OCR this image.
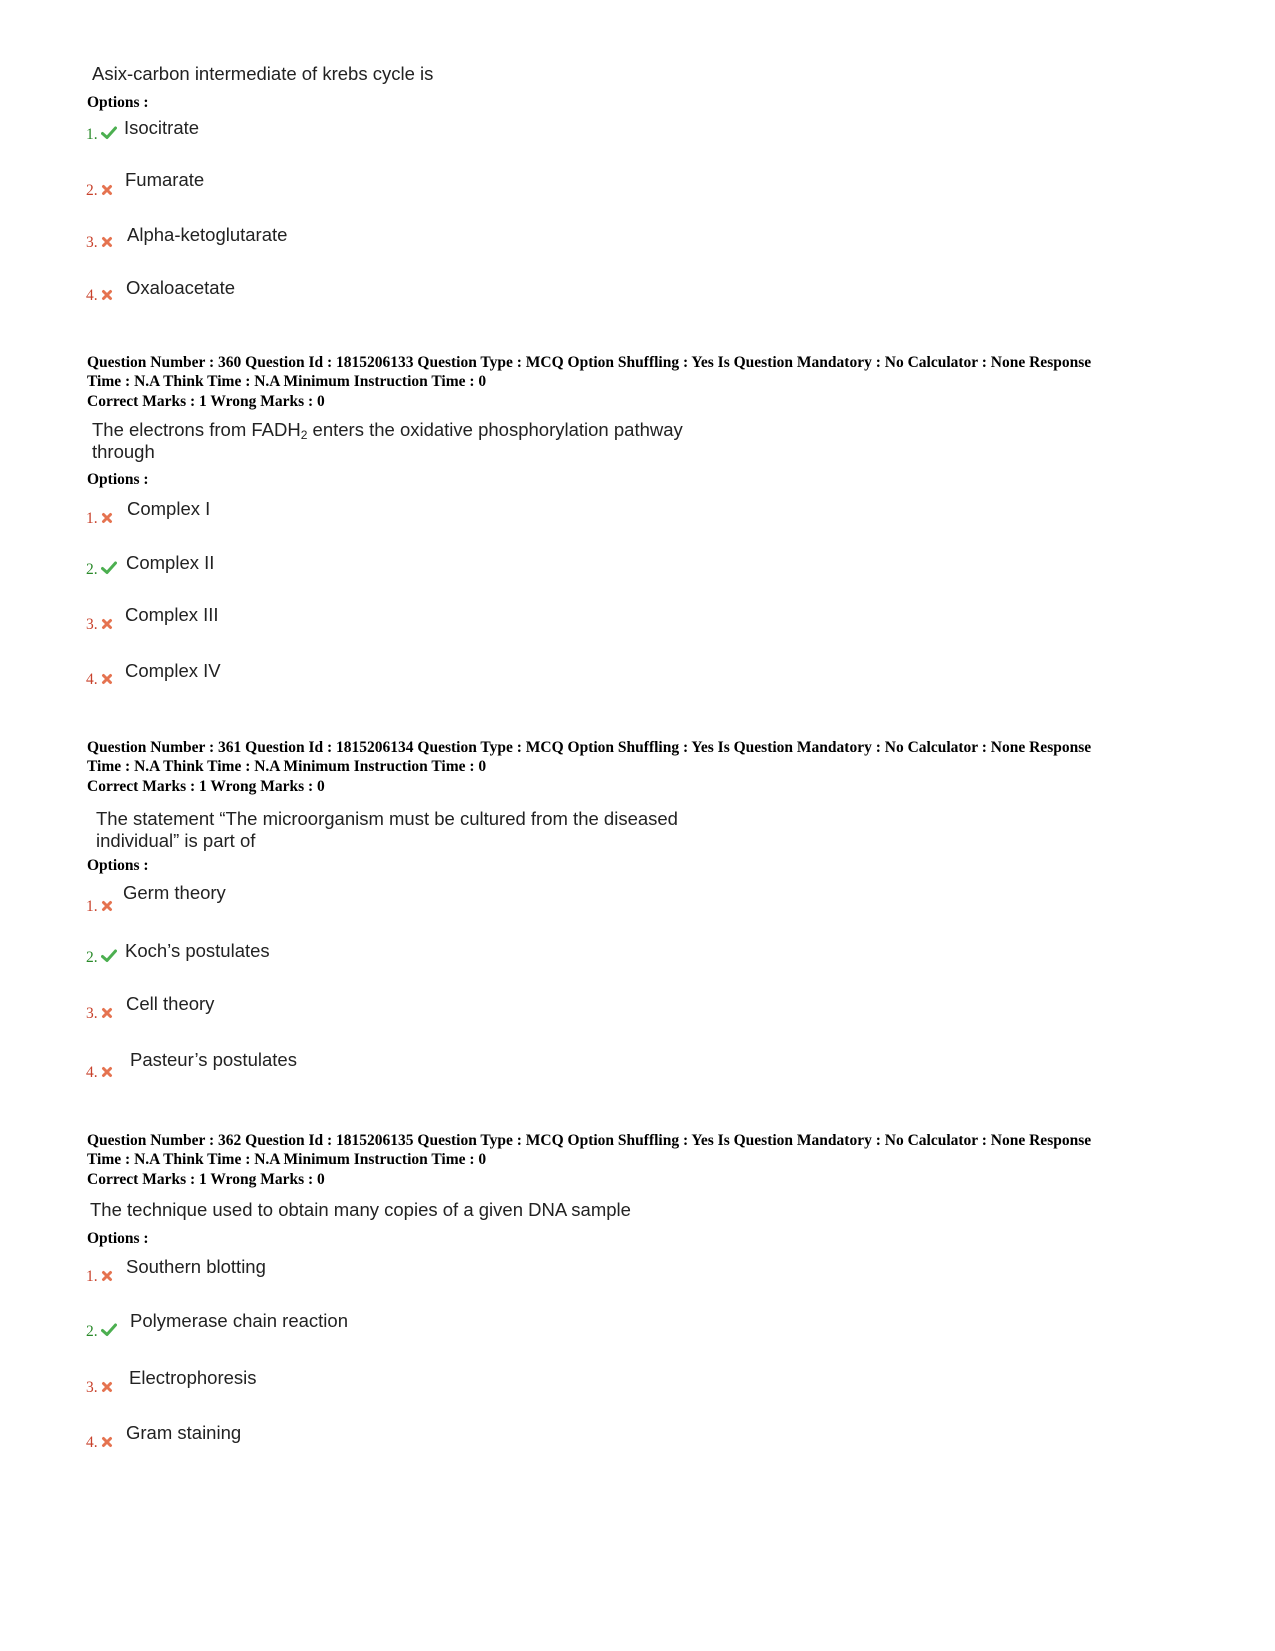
Asix-carbon intermediate of krebs cycle is
Options :
1. Isocitrate
2.
Fumarate
3. Alpha-ketoglutarate
4. Oxaloacetate
Question Number : 360 Question Id : 1815206133 Question Type : MCQ Option Shuffling : Yes Is Question Mandatory : No Calculator : None Response
Time : N.A Think Time : N.A Minimum Instruction Time : 0
Correct Marks : 1 Wrong Marks : 0
The electrons from $FADH_2$ enters the oxidative phosphorylation pathway
through
Options :
1. Complex I
2. Complex II
3. Complex III
4. Complex IV
Question Number : 361 Question Id : 1815206134 Question Type : MCQ Option Shuffling : Yes Is Question Mandatory : No Calculator : None Response
Time : N.A Think Time : N.A Minimum Instruction Time : 0
Correct Marks : 1 Wrong Marks : 0
The statement “The microorganism must be cultured from the diseased
individual” is part of
Options :
1.
Germ theory
2. Koch’s postulates
3. Cell theory
4.
Pasteur’s postulates
Question Number : 362 Question Id : 1815206135 Question Type : MCQ Option Shuffling : Yes Is Question Mandatory : No Calculator : None Response
Time : N.A Think Time : N.A Minimum Instruction Time : 0
Correct Marks : 1 Wrong Marks : 0
The technique used to obtain many copies of a given DNA sample
Options :
1. Southern blotting
2.
Polymerase chain reaction
3. Electrophoresis
4. Gram staining
